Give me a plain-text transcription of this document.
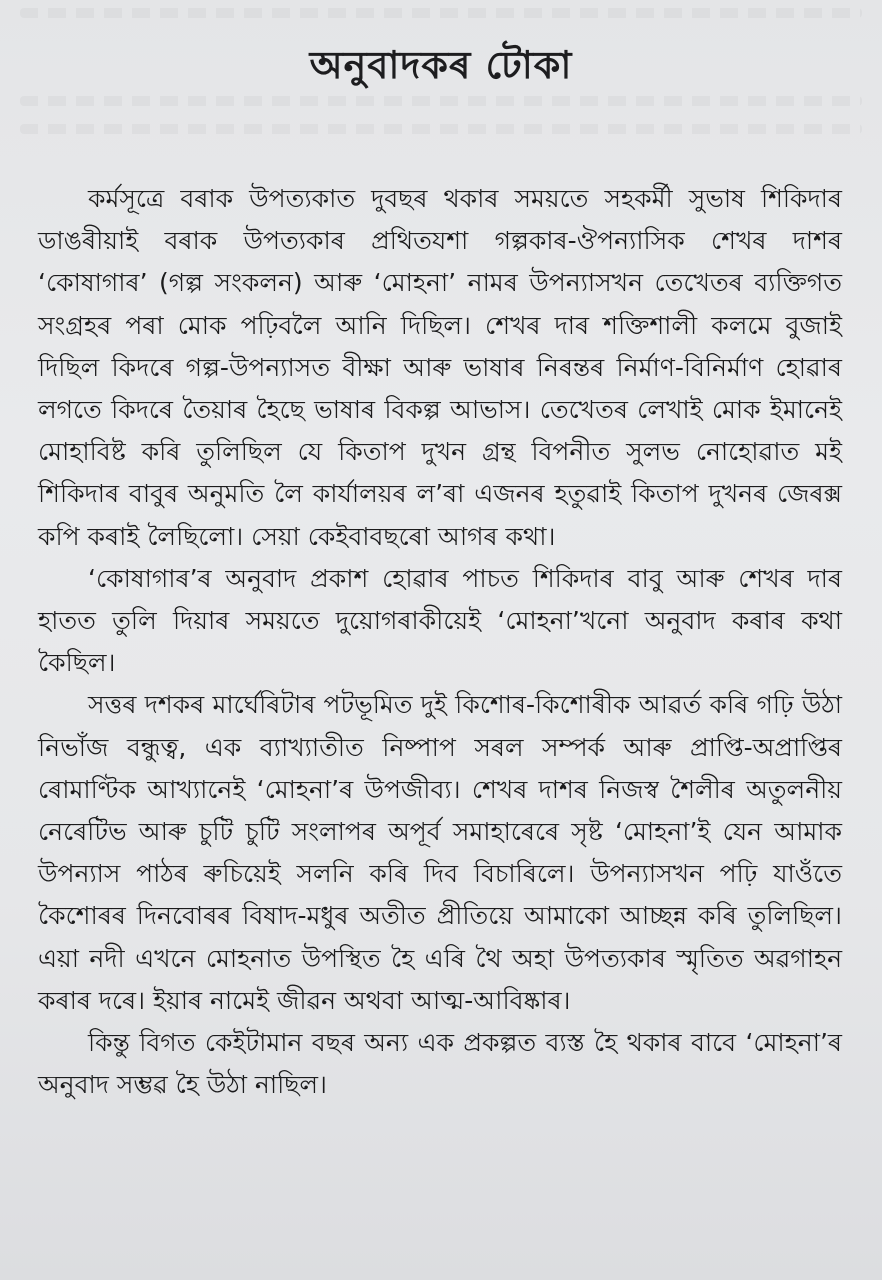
অনুবাদকৰ টোকা

কৰ্মসূত্ৰে বৰাক উপত্যকাত দুবছৰ থকাৰ সময়তে সহকৰ্মী সুভাষ শিকিদাৰ ডাঙৰীয়াই বৰাক উপত্যকাৰ প্ৰথিতযশা গল্পকাৰ-ঔপন্যাসিক শেখৰ দাশৰ ‘কোষাগাৰ’ (গল্প সংকলন) আৰু ‘মোহনা’ নামৰ উপন্যাসখন তেখেতৰ ব্যক্তিগত সংগ্ৰহৰ পৰা মোক পঢ়িবলৈ আনি দিছিল। শেখৰ দাৰ শক্তিশালী কলমে বুজাই দিছিল কিদৰে গল্প-উপন্যাসত বীক্ষা আৰু ভাষাৰ নিৰন্তৰ নিৰ্মাণ-বিনিৰ্মাণ হোৱাৰ লগতে কিদৰে তৈয়াৰ হৈছে ভাষাৰ বিকল্প আভাস। তেখেতৰ লেখাই মোক ইমানেই মোহাবিষ্ট কৰি তুলিছিল যে কিতাপ দুখন গ্ৰন্থ বিপনীত সুলভ নোহোৱাত মই শিকিদাৰ বাবুৰ অনুমতি লৈ কাৰ্যালয়ৰ ল’ৰা এজনৰ হতুৱাই কিতাপ দুখনৰ জেৰক্স কপি কৰাই লৈছিলো। সেয়া কেইবাবছৰো আগৰ কথা।

‘কোষাগাৰ’ৰ অনুবাদ প্ৰকাশ হোৱাৰ পাচত শিকিদাৰ বাবু আৰু শেখৰ দাৰ হাতত তুলি দিয়াৰ সময়তে দুয়োগৰাকীয়েই ‘মোহনা’খনো অনুবাদ কৰাৰ কথা কৈছিল।

সত্তৰ দশকৰ মাৰ্ঘেৰিটাৰ পটভূমিত দুই কিশোৰ-কিশোৰীক আৱৰ্ত কৰি গঢ়ি উঠা নিভাঁজ বন্ধুত্ব, এক ব্যাখ্যাতীত নিষ্পাপ সৰল সম্পৰ্ক আৰু প্ৰাপ্তি-অপ্ৰাপ্তিৰ ৰোমাণ্টিক আখ্যানেই ‘মোহনা’ৰ উপজীব্য। শেখৰ দাশৰ নিজস্ব শৈলীৰ অতুলনীয় নেৰেটিভ আৰু চুটি চুটি সংলাপৰ অপূৰ্ব সমাহাৰেৰে সৃষ্ট ‘মোহনা’ই যেন আমাক উপন্যাস পাঠৰ ৰুচিয়েই সলনি কৰি দিব বিচাৰিলে। উপন্যাসখন পঢ়ি যাওঁতে কৈশোৰৰ দিনবোৰৰ বিষাদ-মধুৰ অতীত প্ৰীতিয়ে আমাকো আচ্ছন্ন কৰি তুলিছিল। এয়া নদী এখনে মোহনাত উপস্থিত হৈ এৰি থৈ অহা উপত্যকাৰ স্মৃতিত অৱগাহন কৰাৰ দৰে। ইয়াৰ নামেই জীৱন অথবা আত্ম-আবিষ্কাৰ।

কিন্তু বিগত কেইটামান বছৰ অন্য এক প্ৰকল্পত ব্যস্ত হৈ থকাৰ বাবে ‘মোহনা’ৰ অনুবাদ সম্ভৱ হৈ উঠা নাছিল।
